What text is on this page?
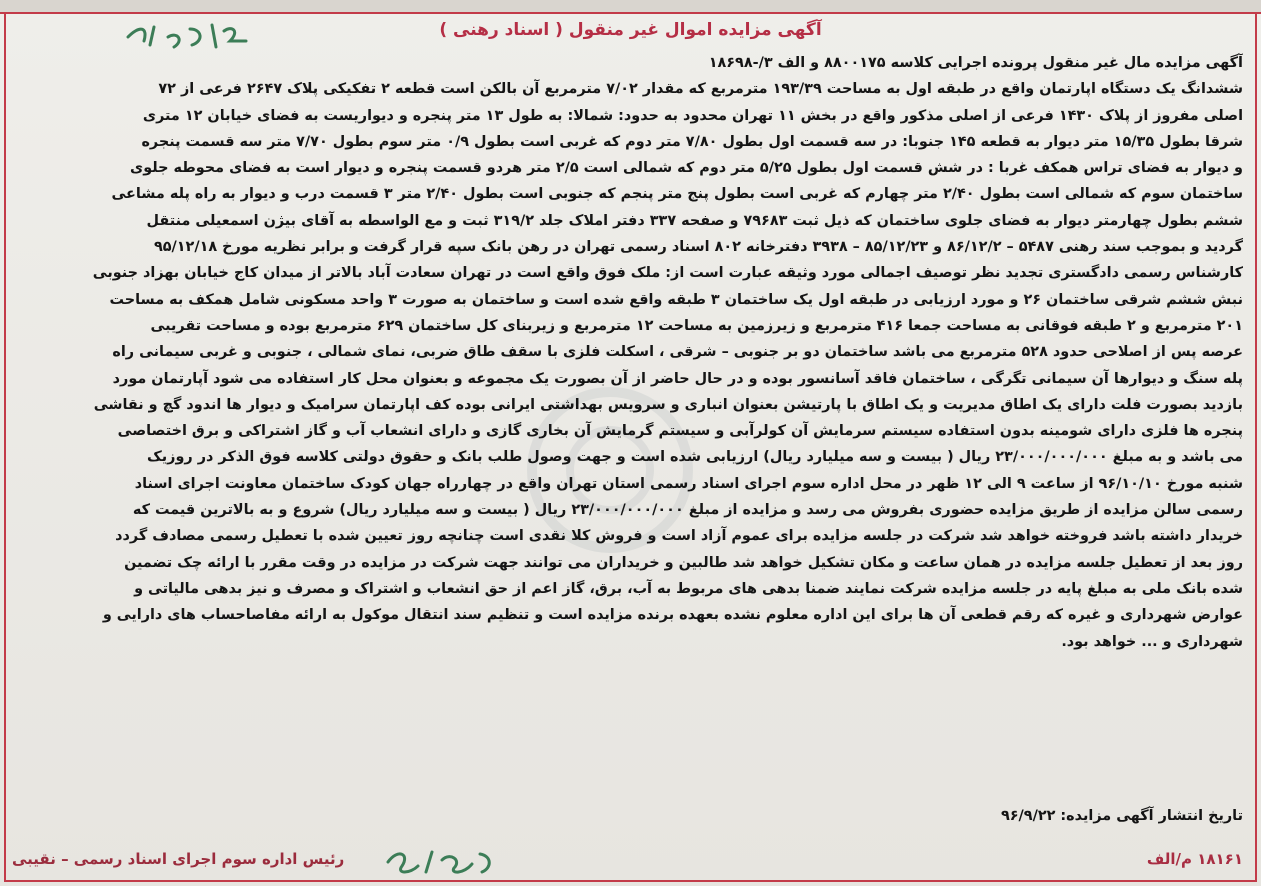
آگهی مزایده اموال غیر منقول ( اسناد رهنی )
آگهی مزایده مال غیر منقول پرونده اجرایی کلاسه ۸۸۰۰۱۷۵ و الف ۳/-۱۸۶۹۸
ششدانگ یک دستگاه اپارتمان واقع در طبقه اول به مساحت ۱۹۳/۳۹ مترمربع که مقدار ۷/۰۲ مترمربع آن بالکن است قطعه ۲ تفکیکی پلاک ۲۶۴۷ فرعی از ۷۲
اصلی مفروز از پلاک ۱۴۳۰ فرعی از اصلی مذکور واقع در بخش ۱۱ تهران محدود به حدود: شمالا: به طول ۱۳ متر پنجره و دیواریست به فضای خیابان ۱۲ متری
شرقا بطول ۱۵/۳۵ متر دیوار به قطعه ۱۴۵ جنوبا: در سه قسمت اول بطول ۷/۸۰ متر دوم که غربی است بطول ۰/۹ متر سوم بطول ۷/۷۰ متر سه قسمت پنجره
و دیوار به فضای تراس همکف غربا : در شش قسمت اول بطول ۵/۲۵ متر دوم که شمالی است ۲/۵ متر هردو قسمت پنجره و دیوار است به فضای محوطه جلوی
ساختمان سوم که شمالی است بطول ۲/۴۰ متر چهارم که غربی است بطول پنج متر پنجم که جنوبی است بطول ۲/۴۰ متر ۳ قسمت درب و دیوار به راه پله مشاعی
ششم بطول چهارمتر دیوار به فضای جلوی ساختمان که ذیل ثبت ۷۹۶۸۳ و صفحه ۳۳۷ دفتر املاک جلد ۳۱۹/۲ ثبت و مع الواسطه به آقای بیژن اسمعیلی منتقل
گردید و بموجب سند رهنی ۵۴۸۷ – ۸۶/۱۲/۲ و ۸۵/۱۲/۲۳ – ۳۹۳۸ دفترخانه ۸۰۲ اسناد رسمی تهران در رهن بانک سپه قرار گرفت و برابر نظریه مورخ ۹۵/۱۲/۱۸
کارشناس رسمی دادگستری تجدید نظر توصیف اجمالی مورد وثیقه عبارت است از: ملک فوق واقع است در تهران سعادت آباد بالاتر از میدان کاج خیابان بهزاد جنوبی
نبش ششم شرقی ساختمان ۲۶ و مورد ارزیابی در طبقه اول یک ساختمان ۳ طبقه واقع شده است و ساختمان به صورت ۳ واحد مسکونی شامل همکف به مساحت
۲۰۱ مترمربع و ۲ طبقه فوقانی به مساحت جمعا ۴۱۶ مترمربع و زیرزمین به مساحت ۱۲ مترمربع و زیربنای کل ساختمان ۶۲۹ مترمربع بوده و مساحت تقریبی
عرصه پس از اصلاحی حدود ۵۲۸ مترمربع می باشد ساختمان دو بر جنوبی – شرقی ، اسکلت فلزی با سقف طاق ضربی، نمای شمالی ، جنوبی و غربی سیمانی راه
پله سنگ و دیوارها آن سیمانی تگرگی ، ساختمان فاقد آسانسور بوده و در حال حاضر از آن بصورت یک مجموعه و بعنوان محل کار استفاده می شود آپارتمان مورد
بازدید بصورت فلت دارای یک اطاق مدیریت و یک اطاق با پارتیشن بعنوان انباری و سرویس بهداشتی ایرانی بوده کف اپارتمان سرامیک و دیوار ها اندود گچ و نقاشی
پنجره ها فلزی دارای شومینه بدون استفاده سیستم سرمایش آن کولرآبی و سیستم گرمایش آن بخاری گازی و دارای انشعاب آب و گاز اشتراکی و برق اختصاصی
می باشد و به مبلغ ۲۳/۰۰۰/۰۰۰/۰۰۰ ریال ( بیست و سه میلیارد ریال) ارزیابی شده است و جهت وصول طلب بانک و حقوق دولتی کلاسه فوق الذکر در روزیک
شنبه مورخ ۹۶/۱۰/۱۰ از ساعت ۹ الی ۱۲ ظهر در محل اداره سوم اجرای اسناد رسمی استان تهران واقع در چهارراه جهان کودک ساختمان معاونت اجرای اسناد
رسمی سالن مزایده از طریق مزایده حضوری بفروش می رسد و مزایده از مبلغ ۲۳/۰۰۰/۰۰۰/۰۰۰ ریال ( بیست و سه میلیارد ریال) شروع و به بالاترین قیمت که
خریدار داشته باشد فروخته خواهد شد شرکت در جلسه مزایده برای عموم آزاد است و فروش کلا نقدی است چنانچه روز تعیین شده با تعطیل رسمی مصادف گردد
روز بعد از تعطیل جلسه مزایده در همان ساعت و مکان تشکیل خواهد شد طالبین و خریداران می توانند جهت شرکت در مزایده در وقت مقرر با ارائه چک تضمین
شده بانک ملی به مبلغ پایه در جلسه مزایده شرکت نمایند ضمنا بدهی های مربوط به آب، برق، گاز اعم از حق انشعاب و اشتراک و مصرف و نیز بدهی مالیاتی و
عوارض شهرداری و غیره که رقم قطعی آن ها برای این اداره معلوم نشده بعهده برنده مزایده است و تنظیم سند انتقال موکول به ارائه مفاصاحساب های دارایی و
شهرداری و ... خواهد بود.
تاریخ انتشار آگهی مزایده: ۹۶/۹/۲۲
رئیس اداره سوم اجرای اسناد رسمی – نقیبی	۱۸۱۶۱ م/الف
